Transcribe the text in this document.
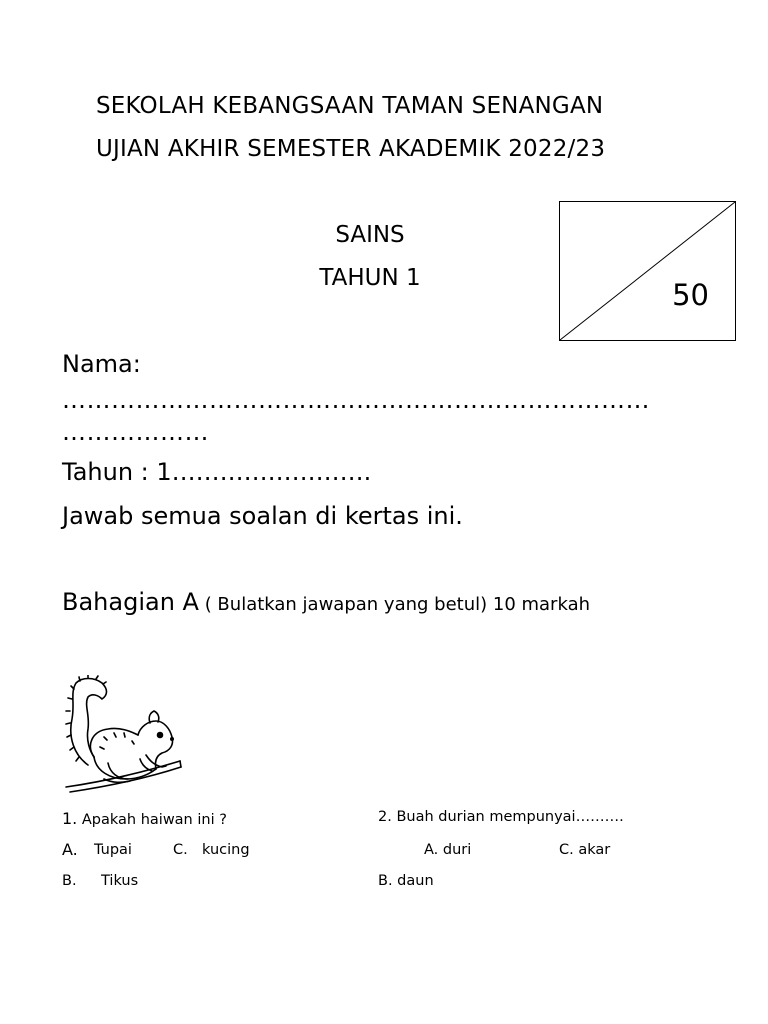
SEKOLAH KEBANGSAAN TAMAN SENANGAN
UJIAN AKHIR SEMESTER AKADEMIK 2022/23
SAINS
TAHUN 1	50
Nama:
………………………………………………………………
………………
Tahun : 1…………………….
Jawab semua soalan di kertas ini.
Bahagian A ( Bulatkan jawapan yang betul) 10 markah
1. Apakah haiwan ini ?
A. Tupai	C. kucing
B. Tikus
2. Buah durian mempunyai……….
A. duri	C. akar
B. daun
